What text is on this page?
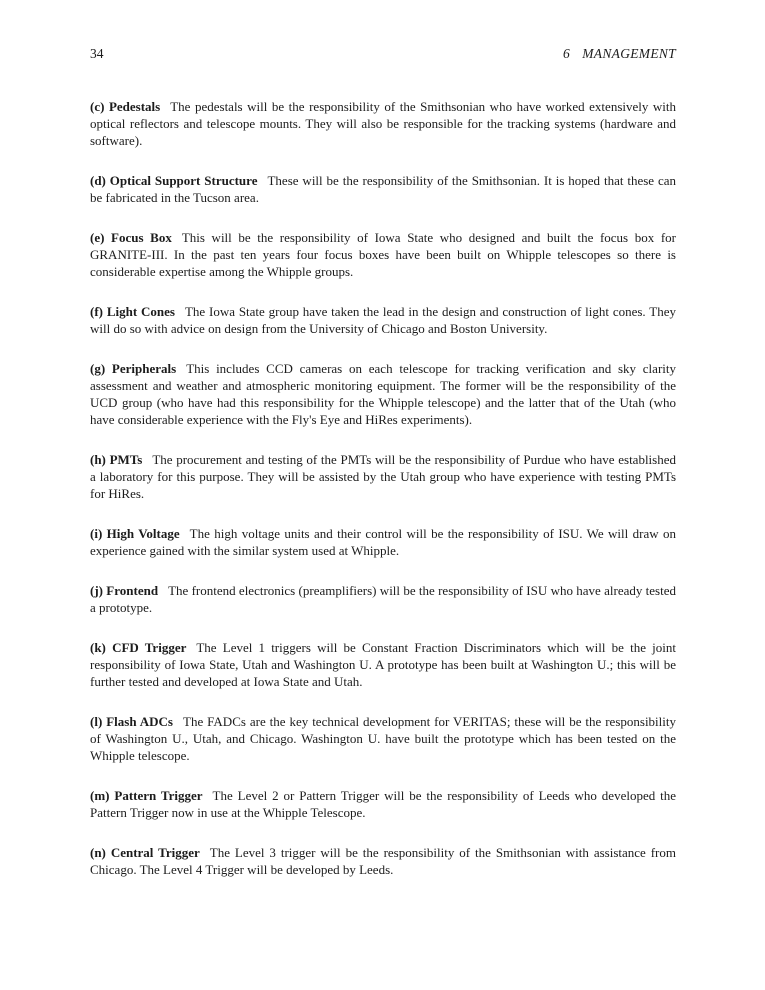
34	6 MANAGEMENT

(c) Pedestals The pedestals will be the responsibility of the Smithsonian who have worked extensively with optical reflectors and telescope mounts. They will also be responsible for the tracking systems (hardware and software).

(d) Optical Support Structure These will be the responsibility of the Smithsonian. It is hoped that these can be fabricated in the Tucson area.

(e) Focus Box This will be the responsibility of Iowa State who designed and built the focus box for GRANITE-III. In the past ten years four focus boxes have been built on Whipple telescopes so there is considerable expertise among the Whipple groups.

(f) Light Cones The Iowa State group have taken the lead in the design and construction of light cones. They will do so with advice on design from the University of Chicago and Boston University.

(g) Peripherals This includes CCD cameras on each telescope for tracking verification and sky clarity assessment and weather and atmospheric monitoring equipment. The former will be the responsibility of the UCD group (who have had this responsibility for the Whipple telescope) and the latter that of the Utah (who have considerable experience with the Fly's Eye and HiRes experiments).

(h) PMTs The procurement and testing of the PMTs will be the responsibility of Purdue who have established a laboratory for this purpose. They will be assisted by the Utah group who have experience with testing PMTs for HiRes.

(i) High Voltage The high voltage units and their control will be the responsibility of ISU. We will draw on experience gained with the similar system used at Whipple.

(j) Frontend The frontend electronics (preamplifiers) will be the responsibility of ISU who have already tested a prototype.

(k) CFD Trigger The Level 1 triggers will be Constant Fraction Discriminators which will be the joint responsibility of Iowa State, Utah and Washington U. A prototype has been built at Washington U.; this will be further tested and developed at Iowa State and Utah.

(l) Flash ADCs The FADCs are the key technical development for VERITAS; these will be the responsibility of Washington U., Utah, and Chicago. Washington U. have built the prototype which has been tested on the Whipple telescope.

(m) Pattern Trigger The Level 2 or Pattern Trigger will be the responsibility of Leeds who developed the Pattern Trigger now in use at the Whipple Telescope.

(n) Central Trigger The Level 3 trigger will be the responsibility of the Smithsonian with assistance from Chicago. The Level 4 Trigger will be developed by Leeds.
